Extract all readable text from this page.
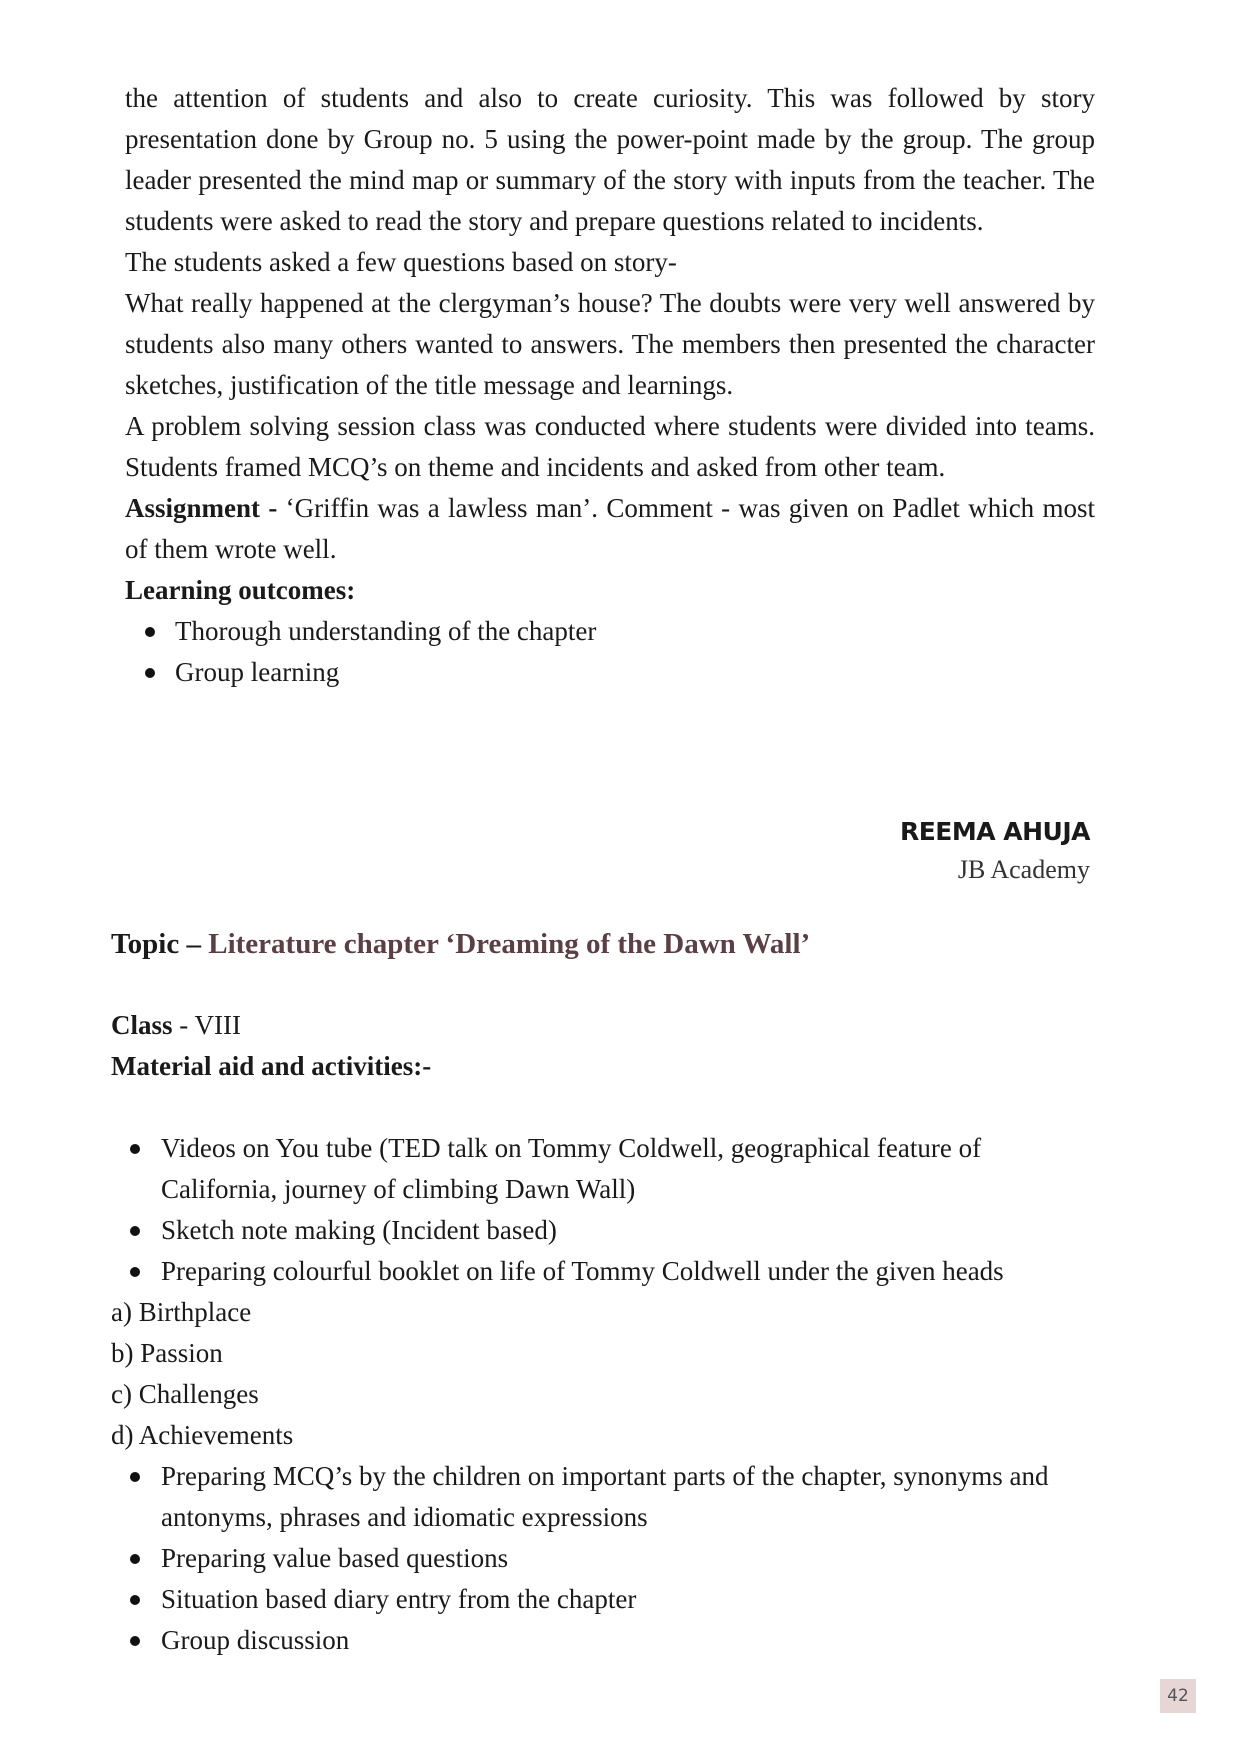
the attention of students and also to create curiosity. This was followed by story presentation done by Group no. 5 using the power-point made by the group. The group leader presented the mind map or summary of the story with inputs from the teacher. The students were asked to read the story and prepare questions related to incidents.

The students asked a few questions based on story-

What really happened at the clergyman’s house? The doubts were very well answered by students also many others wanted to answers. The members then presented the character sketches, justification of the title message and learnings.

A problem solving session class was conducted where students were divided into teams. Students framed MCQ’s on theme and incidents and asked from other team.

Assignment - ‘Griffin was a lawless man’. Comment - was given on Padlet which most of them wrote well.

Learning outcomes:

Thorough understanding of the chapter
Group learning
REEMA AHUJA
JB Academy

Topic – Literature chapter ‘Dreaming of the Dawn Wall’

Class - VIII

Material aid and activities:-

Videos on You tube (TED talk on Tommy Coldwell, geographical feature of California, journey of climbing Dawn Wall)
Sketch note making (Incident based)
Preparing colourful booklet on life of Tommy Coldwell under the given heads

a) Birthplace

b) Passion

c) Challenges

d) Achievements

Preparing MCQ’s by the children on important parts of the chapter, synonyms and antonyms, phrases and idiomatic expressions
Preparing value based questions
Situation based diary entry from the chapter
Group discussion
42
